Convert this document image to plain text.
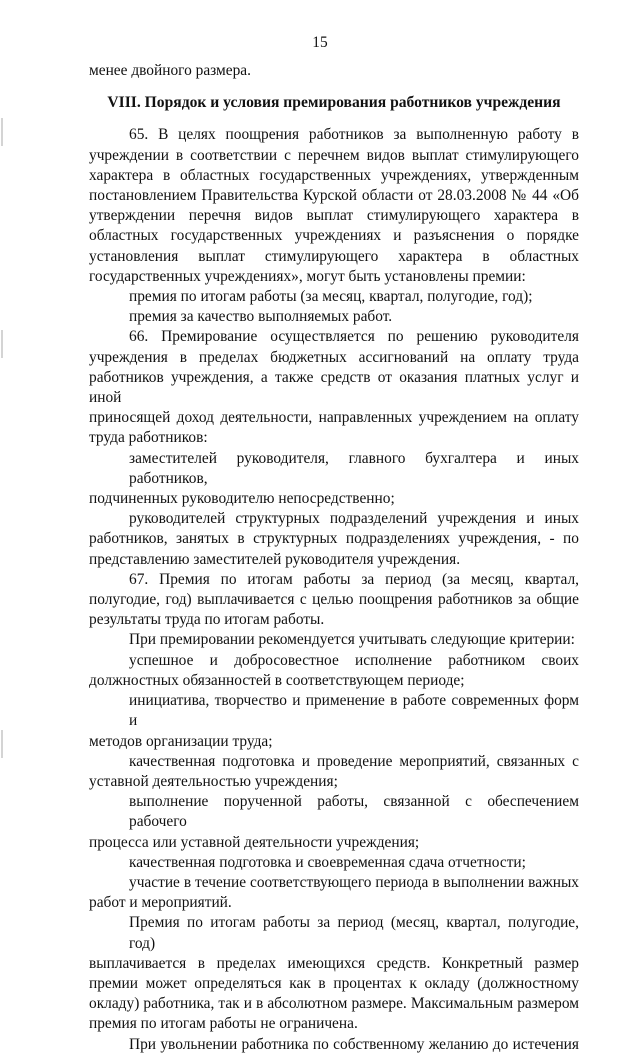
15

менее двойного размера.

VIII. Порядок и условия премирования работников учреждения

65. В целях поощрения работников за выполненную работу в

учреждении в соответствии с перечнем видов выплат стимулирующего

характера в областных государственных учреждениях, утвержденным

постановлением Правительства Курской области от 28.03.2008 № 44 «Об

утверждении перечня видов выплат стимулирующего характера в

областных государственных учреждениях и разъяснения о порядке

установления выплат стимулирующего характера в областных

государственных учреждениях», могут быть установлены премии:

премия по итогам работы (за месяц, квартал, полугодие, год);

премия за качество выполняемых работ.

66. Премирование осуществляется по решению руководителя

учреждения в пределах бюджетных ассигнований на оплату труда

работников учреждения, а также средств от оказания платных услуг и иной

приносящей доход деятельности, направленных учреждением на оплату

труда работников:

заместителей руководителя, главного бухгалтера и иных работников,

подчиненных руководителю непосредственно;

руководителей структурных подразделений учреждения и иных

работников, занятых в структурных подразделениях учреждения, - по

представлению заместителей руководителя учреждения.

67. Премия по итогам работы за период (за месяц, квартал,

полугодие, год) выплачивается с целью поощрения работников за общие

результаты труда по итогам работы.

При премировании рекомендуется учитывать следующие критерии:

успешное и добросовестное исполнение работником своих

должностных обязанностей в соответствующем периоде;

инициатива, творчество и применение в работе современных форм и

методов организации труда;

качественная подготовка и проведение мероприятий, связанных с

уставной деятельностью учреждения;

выполнение порученной работы, связанной с обеспечением рабочего

процесса или уставной деятельности учреждения;

качественная подготовка и своевременная сдача отчетности;

участие в течение соответствующего периода в выполнении важных

работ и мероприятий.

Премия по итогам работы за период (месяц, квартал, полугодие, год)

выплачивается в пределах имеющихся средств. Конкретный размер

премии может определяться как в процентах к окладу (должностному

окладу) работника, так и в абсолютном размере. Максимальным размером

премия по итогам работы не ограничена.

При увольнении работника по собственному желанию до истечения
